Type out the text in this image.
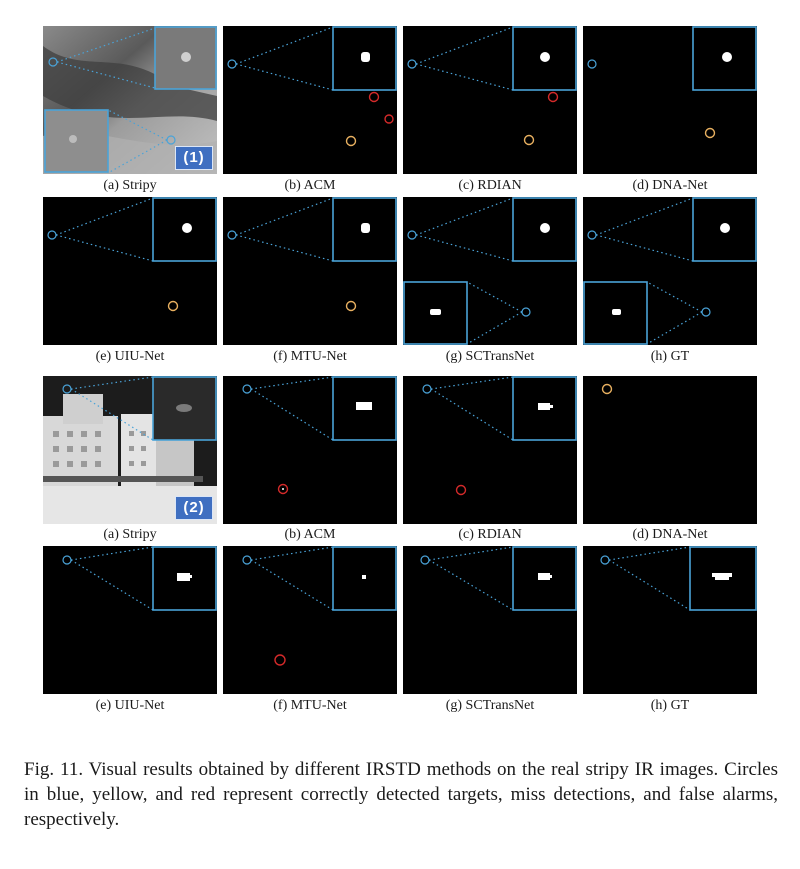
(1)
(a) Stripy	(b) ACM	(c) RDIAN	(d) DNA-Net
(e) UIU-Net	(f) MTU-Net	(g) SCTransNet	(h) GT
(2)
(a) Stripy	(b) ACM	(c) RDIAN	(d) DNA-Net
(e) UIU-Net	(f) MTU-Net	(g) SCTransNet	(h) GT
Fig. 11. Visual results obtained by different IRSTD methods on the real stripy IR images. Circles in blue, yellow, and red represent correctly detected targets, miss detections, and false alarms, respectively.
